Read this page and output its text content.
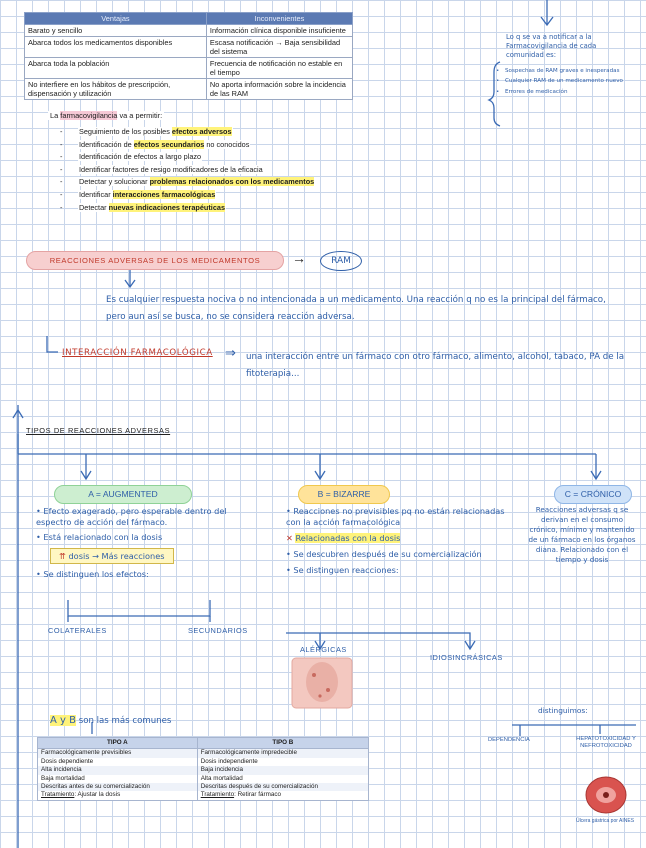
Ventajas	Inconvenientes
Barato y sencillo	Información clínica disponible insuficiente
Abarca todos los medicamentos disponibles	Escasa notificación → Baja sensibilidad del sistema
Abarca toda la población	Frecuencia de notificación no estable en el tiempo
No interfiere en los hábitos de prescripción, dispensación y utilización	No aporta información sobre la incidencia de las RAM
La farmacovigilancia va a permitir:
- Seguimiento de los posibles efectos adversos
- Identificación de efectos secundarios no conocidos
- Identificación de efectos a largo plazo
- Identificar factores de resigo modificadores de la eficacia
- Detectar y solucionar problemas relacionados con los medicamentos
- Identificar interacciones farmacológicas
- Detectar nuevas indicaciones terapéuticas
Lo q se va a notificar a la Farmacovigilancia de cada comunidad es:
• Sospechas de RAM graves e inesperadas
• Cualquier RAM de un medicamento nuevo
• Errores de medicación
REACCIONES ADVERSAS DE LOS MEDICAMENTOS	→	RAM
Es cualquier respuesta nociva o no intencionada a un medicamento. Una reacción q no es la principal del fármaco, pero aun así se busca, no se considera reacción adversa.
INTERACCIÓN FARMACOLÓGICA ⇒ una interacción entre un fármaco con otro fármaco, alimento, alcohol, tabaco, PA de la fitoterapia...
TIPOS DE REACCIONES ADVERSAS
A = AUGMENTED	B = BIZARRE	C = CRÓNICO

• Efecto exagerado, pero esperable dentro del espectro de acción del fármaco.

• Está relacionado con la dosis

⇈ dosis → Más reacciones

• Se distinguen los efectos:

COLATERALES	SECUNDARIOS

• Reacciones no previsibles pq no están relacionadas con la acción farmacológica

✕ Relacionadas con la dosis

• Se descubren después de su comercialización

• Se distinguen reacciones:

ALÉRGICAS
IDIOSINCRÁSICAS
Reacciones adversas q se derivan en el consumo crónico, mínimo y mantenido de un fármaco en los órganos diana. Relacionado con el tiempo y dosis
distinguimos:
DEPENDENCIA	HEPATOTOXICIDAD Y NEFROTOXICIDAD
Úlcera gástrica por AINES
A y B son las más comunes
TIPO A	TIPO B
Farmacológicamente previsibles	Farmacológicamente impredecible
Dosis dependiente	Dosis independiente
Alta incidencia	Baja incidencia
Baja mortalidad	Alta mortalidad
Descritas antes de su comercialización	Descritas después de su comercialización
Tratamiento: Ajustar la dosis	Tratamiento: Retirar fármaco
